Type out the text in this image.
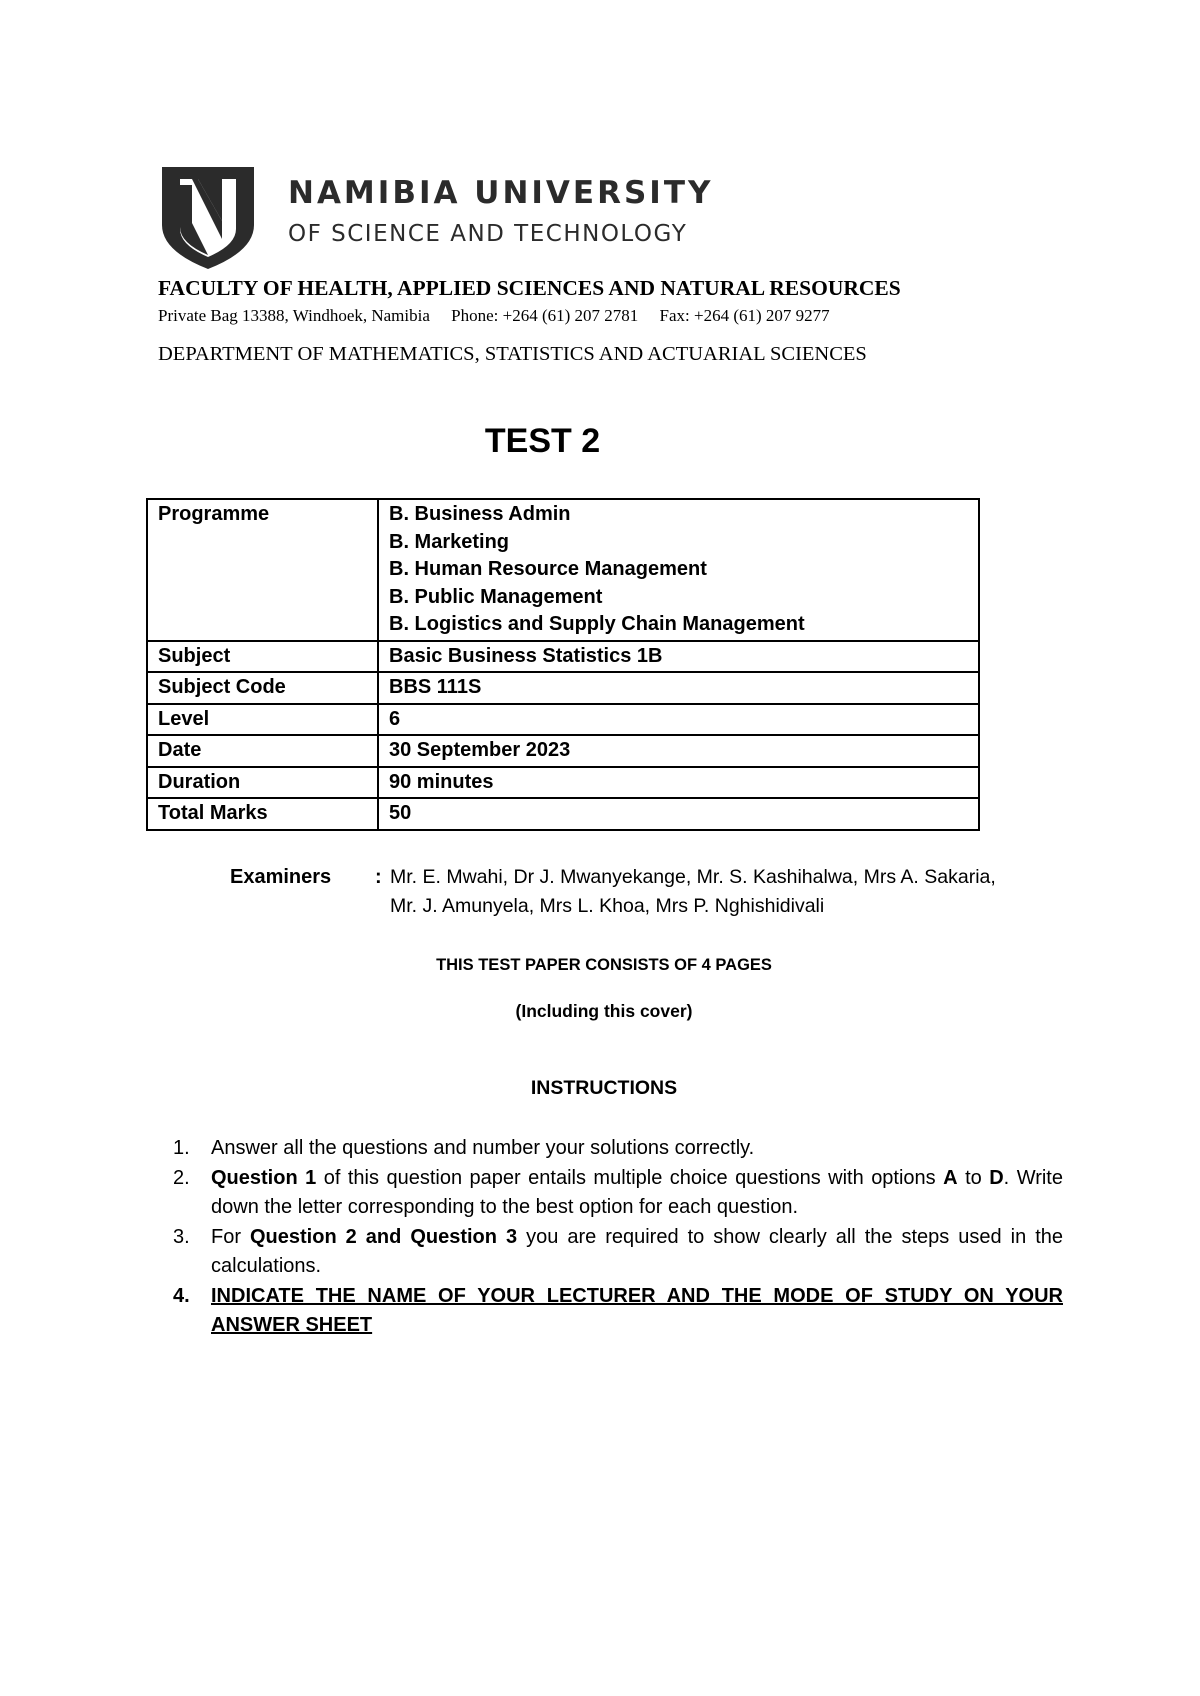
NAMIBIA UNIVERSITY
OF SCIENCE AND TECHNOLOGY
FACULTY OF HEALTH, APPLIED SCIENCES AND NATURAL RESOURCES
Private Bag 13388, Windhoek, Namibia Phone: +264 (61) 207 2781 Fax: +264 (61) 207 9277
DEPARTMENT OF MATHEMATICS, STATISTICS AND ACTUARIAL SCIENCES
TEST 2
Programme	B. Business Admin
B. Marketing
B. Human Resource Management
B. Public Management
B. Logistics and Supply Chain Management

Subject	Basic Business Statistics 1B
Subject Code	BBS 111S
Level	6
Date	30 September 2023
Duration	90 minutes
Total Marks	50
Examiners : Mr. E. Mwahi, Dr J. Mwanyekange, Mr. S. Kashihalwa, Mrs A. Sakaria,
Mr. J. Amunyela, Mrs L. Khoa, Mrs P. Nghishidivali
THIS TEST PAPER CONSISTS OF 4 PAGES
(Including this cover)
INSTRUCTIONS
1. Answer all the questions and number your solutions correctly.
2. Question 1 of this question paper entails multiple choice questions with options A to D. Write down the letter corresponding to the best option for each question.
3. For Question 2 and Question 3 you are required to show clearly all the steps used in the calculations.
4. INDICATE THE NAME OF YOUR LECTURER AND THE MODE OF STUDY ON YOUR ANSWER SHEET
